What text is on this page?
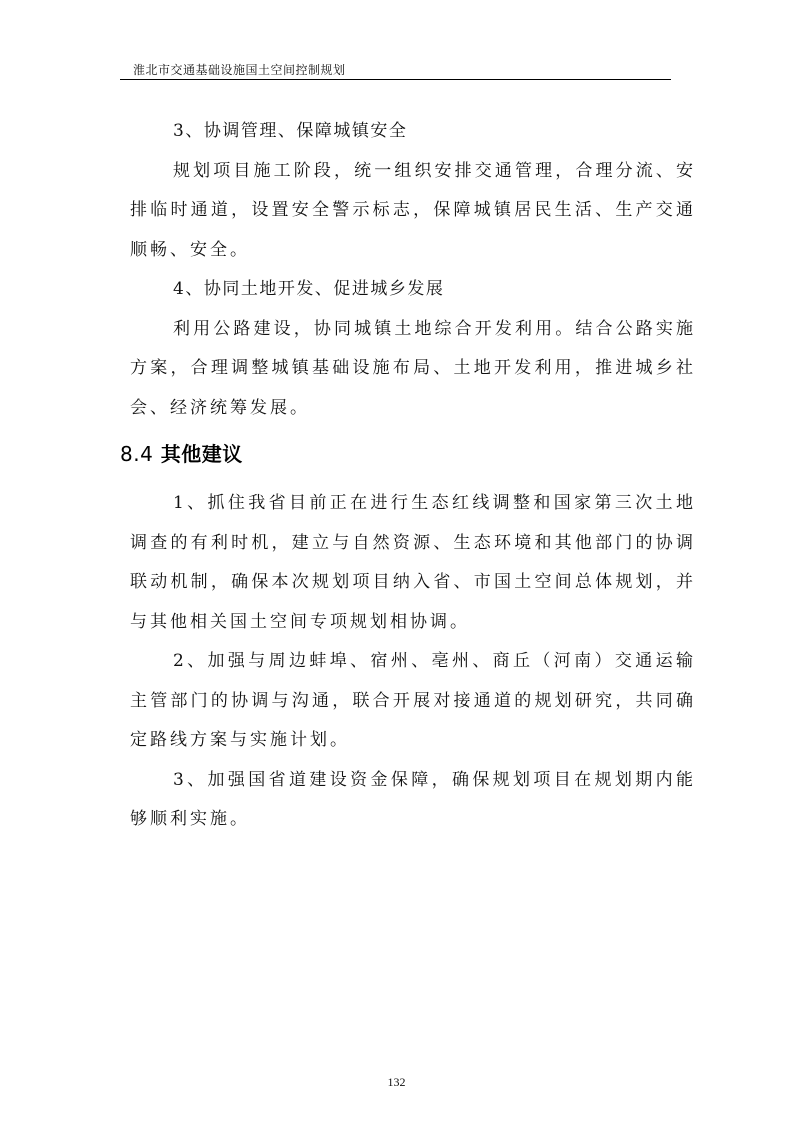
淮北市交通基础设施国土空间控制规划

3、协调管理、保障城镇安全

规划项目施工阶段，统一组织安排交通管理，合理分流、安排临时通道，设置安全警示标志，保障城镇居民生活、生产交通顺畅、安全。

4、协同土地开发、促进城乡发展

利用公路建设，协同城镇土地综合开发利用。结合公路实施方案，合理调整城镇基础设施布局、土地开发利用，推进城乡社会、经济统筹发展。

8.4 其他建议

1、抓住我省目前正在进行生态红线调整和国家第三次土地调查的有利时机，建立与自然资源、生态环境和其他部门的协调联动机制，确保本次规划项目纳入省、市国土空间总体规划，并与其他相关国土空间专项规划相协调。

2、加强与周边蚌埠、宿州、亳州、商丘（河南）交通运输主管部门的协调与沟通，联合开展对接通道的规划研究，共同确定路线方案与实施计划。

3、加强国省道建设资金保障，确保规划项目在规划期内能够顺利实施。

132
